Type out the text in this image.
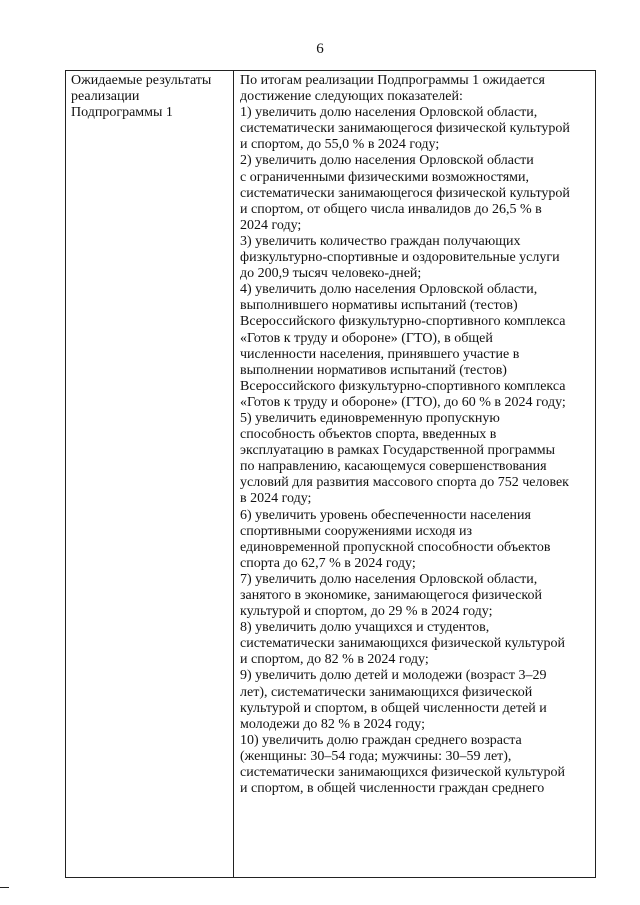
6
Ожидаемые результаты
реализации
Подпрограммы 1
По итогам реализации Подпрограммы 1 ожидается
достижение следующих показателей:
1) увеличить долю населения Орловской области,
систематически занимающегося физической культурой
и спортом, до 55,0 % в 2024 году;
2) увеличить долю населения Орловской области
с ограниченными физическими возможностями,
систематически занимающегося физической культурой
и спортом, от общего числа инвалидов до 26,5 % в
2024 году;
3) увеличить количество граждан получающих
физкультурно-спортивные и оздоровительные услуги
до 200,9 тысяч человеко-дней;
4) увеличить долю населения Орловской области,
выполнившего нормативы испытаний (тестов)
Всероссийского физкультурно-спортивного комплекса
«Готов к труду и обороне» (ГТО), в общей
численности населения, принявшего участие в
выполнении нормативов испытаний (тестов)
Всероссийского физкультурно-спортивного комплекса
«Готов к труду и обороне» (ГТО), до 60 % в 2024 году;
5) увеличить единовременную пропускную
способность объектов спорта, введенных в
эксплуатацию в рамках Государственной программы
по направлению, касающемуся совершенствования
условий для развития массового спорта до 752 человек
в 2024 году;
6) увеличить уровень обеспеченности населения
спортивными сооружениями исходя из
единовременной пропускной способности объектов
спорта до 62,7 % в 2024 году;
7) увеличить долю населения Орловской области,
занятого в экономике, занимающегося физической
культурой и спортом, до 29 % в 2024 году;
8) увеличить долю учащихся и студентов,
систематически занимающихся физической культурой
и спортом, до 82 % в 2024 году;
9) увеличить долю детей и молодежи (возраст 3–29
лет), систематически занимающихся физической
культурой и спортом, в общей численности детей и
молодежи до 82 % в 2024 году;
10) увеличить долю граждан среднего возраста
(женщины: 30–54 года; мужчины: 30–59 лет),
систематически занимающихся физической культурой
и спортом, в общей численности граждан среднего
